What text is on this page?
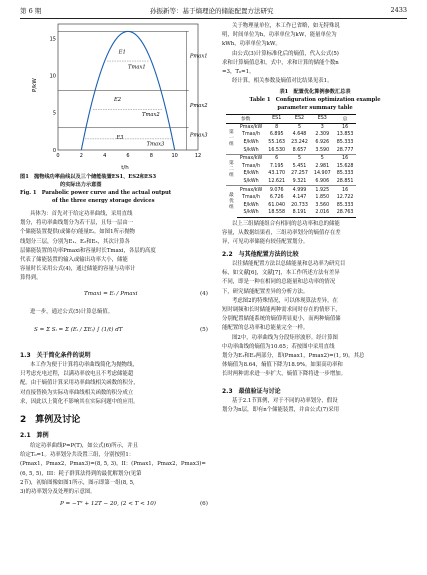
第 6 期	孙振新等：基于熵理论的储能配置方法研究	2433
P/kW
t/h
0
5
10
15
0	2	4	6	8	10	12
E1
E2
E3
Pmax1
Pmax2
Pmax3
Tmax1
Tmax2
Tmax3
图1　抛物线功率曲线以及三个储能装置ES1、ES2和ES3
的实际出力示意图
Fig. 1　Parabolic power curve and the actual output
of the three energy storage devices

具体为：首先对于给定功率曲线，采用直线

划分，将功率曲线划分为若干层，且每一层由一

个储能装置提供(或储存)能量Eᵢ。如图1所示抛物

线划分三层，分别为E₁、E₂和E₃，其次计算各

层储能装置的功率Pmaxi和容量时长Tmaxi，各层的高度

代表了储能装置的输入或输出功率大小，储能

容量时长采用公式(4)，通过储能的容量与功率计

算得到。

Tmaxi = Eᵢ / Pmaxi	(4)

进一步，通过公式(5)计算总熵值。

S = Σ Sᵢ = Σ (Eᵢ / ΣEᵢ) ∫ (1/t) dT	(5)
1.3　关于简化条件的说明

本工作为便于计算将功率曲线简化为抛物线，

只考虑充电过程，以满功率放电且不考虑储能超

配。由于熵值计算采用功率曲线相关函数的积分，

对直接替换为实际功率曲线相关函数的积分成立

求，因此以上简化不影响其在实际问题中的应用。

2　算例及讨论
2.1　算例

给定功率曲线P=P(T)，如公式(6)所示，并且

给定T₀=1。功率划分共设置三组，分别按照1：

(Pmax1，Pmax2，Pmax3)=(8, 5, 3)，II：(Pmax1，Pmax2，Pmax3)=

(6, 5, 5)，III：耗子群算法得到的最优解划分(见第

2节)，初始图像如图1所示，图示即第一组(8, 5,

3)的功率划分及处理的示意图。

P = −T² + 12T − 20, (2 < T < 10)	(6)

关于物理量单位，本工作已省略，如无特殊说

明，时间单位为h，功率单位为kW，能量单位为

kWh，功率单位为kW。

由公式(3)计算标准化后的熵值，代入公式(5)

求和计算熵值总和，式中，求和计算的储能个数n

=3，T₀=1。

经计算，相关参数及熵值对比结果见表1。

表1　配置优化算例参数汇总表
Table 1　Configuration optimization example
parameter summary table
参数		ES1	ES2	ES3	总
第
一
组	Pmax/kW	8	5	3	16
	Tmax/h	6.895	4.648	2.309	13.853
	E/kWh	55.163	23.242	6.926	85.333
	S/kWh	16.530	8.657	3.590	28.777
第
二
组	Pmax/kW	6	5	5	16
	Tmax/h	7.195	5.451	2.981	15.628
	E/kWh	43.170	27.257	14.907	85.333
	S/kWh	12.621	9.321	6.906	28.851
最
优
组	Pmax/kW	9.076	4.999	1.925	16
	Tmax/h	6.726	4.147	1.850	12.722
	E/kWh	61.040	20.733	3.560	85.333
	S/kWh	18.558	8.191	2.016	28.763

以上三组储能组合有相同的总功率和总的储能

容量，从数据结果看，三组功率划分的熵值存在差

异，可见功率储能有较佳配置划分。

2.2　与其他配置方法的比较

以往储能配置方法以总储能量和总功率为研究目

标，如文献[6]，文献[7]，本工作所述方法有差异

不同，即是一种在相同的总能量和总功率的情况

下，研究储能配置差异的分析方法。

考虑图2的特殊情况，可以体现算法差异。在

短时调频和长时储能两种需求同时存在的情形下，

分别配置储能系统的熵值明显更小，而两种熵值储

能配置的总功率和总能量完全一样。

图2中，功率曲线为分段矩形波形。经计算图

中功率曲线的熵值为10.65；若按图中采用直线

划分为E₁和E₂两部分，即(Pmax1，Pmax2)=(1, 9)，其总

体熵值为8.64，熵值下降为18.9%。如果高功率和

长时两种需求进一步扩大，熵值下降将进一步增加。

2.3　最值验证与讨论

基于2.1节算例，对于不同的功率划分，假设

划分为n层，即有n个储能装置，并由公式(7)采用
